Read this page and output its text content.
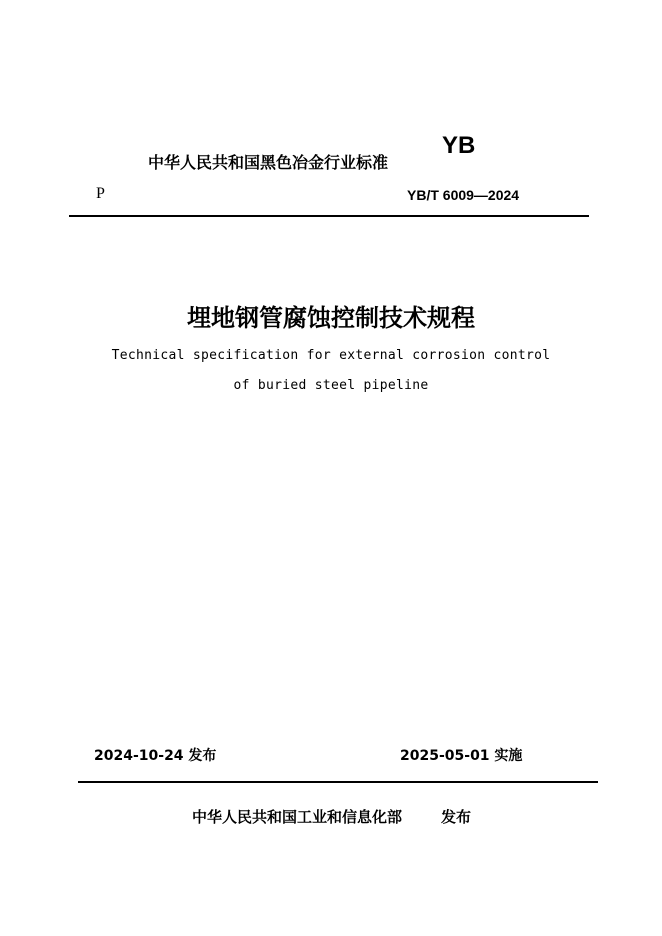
中华人民共和国黑色冶金行业标准
YB
P	YB/T 6009—2024
埋地钢管腐蚀控制技术规程
Technical specification for external corrosion control
of buried steel pipeline
2024-10-24 发布	2025-05-01 实施
中华人民共和国工业和信息化部	发布
